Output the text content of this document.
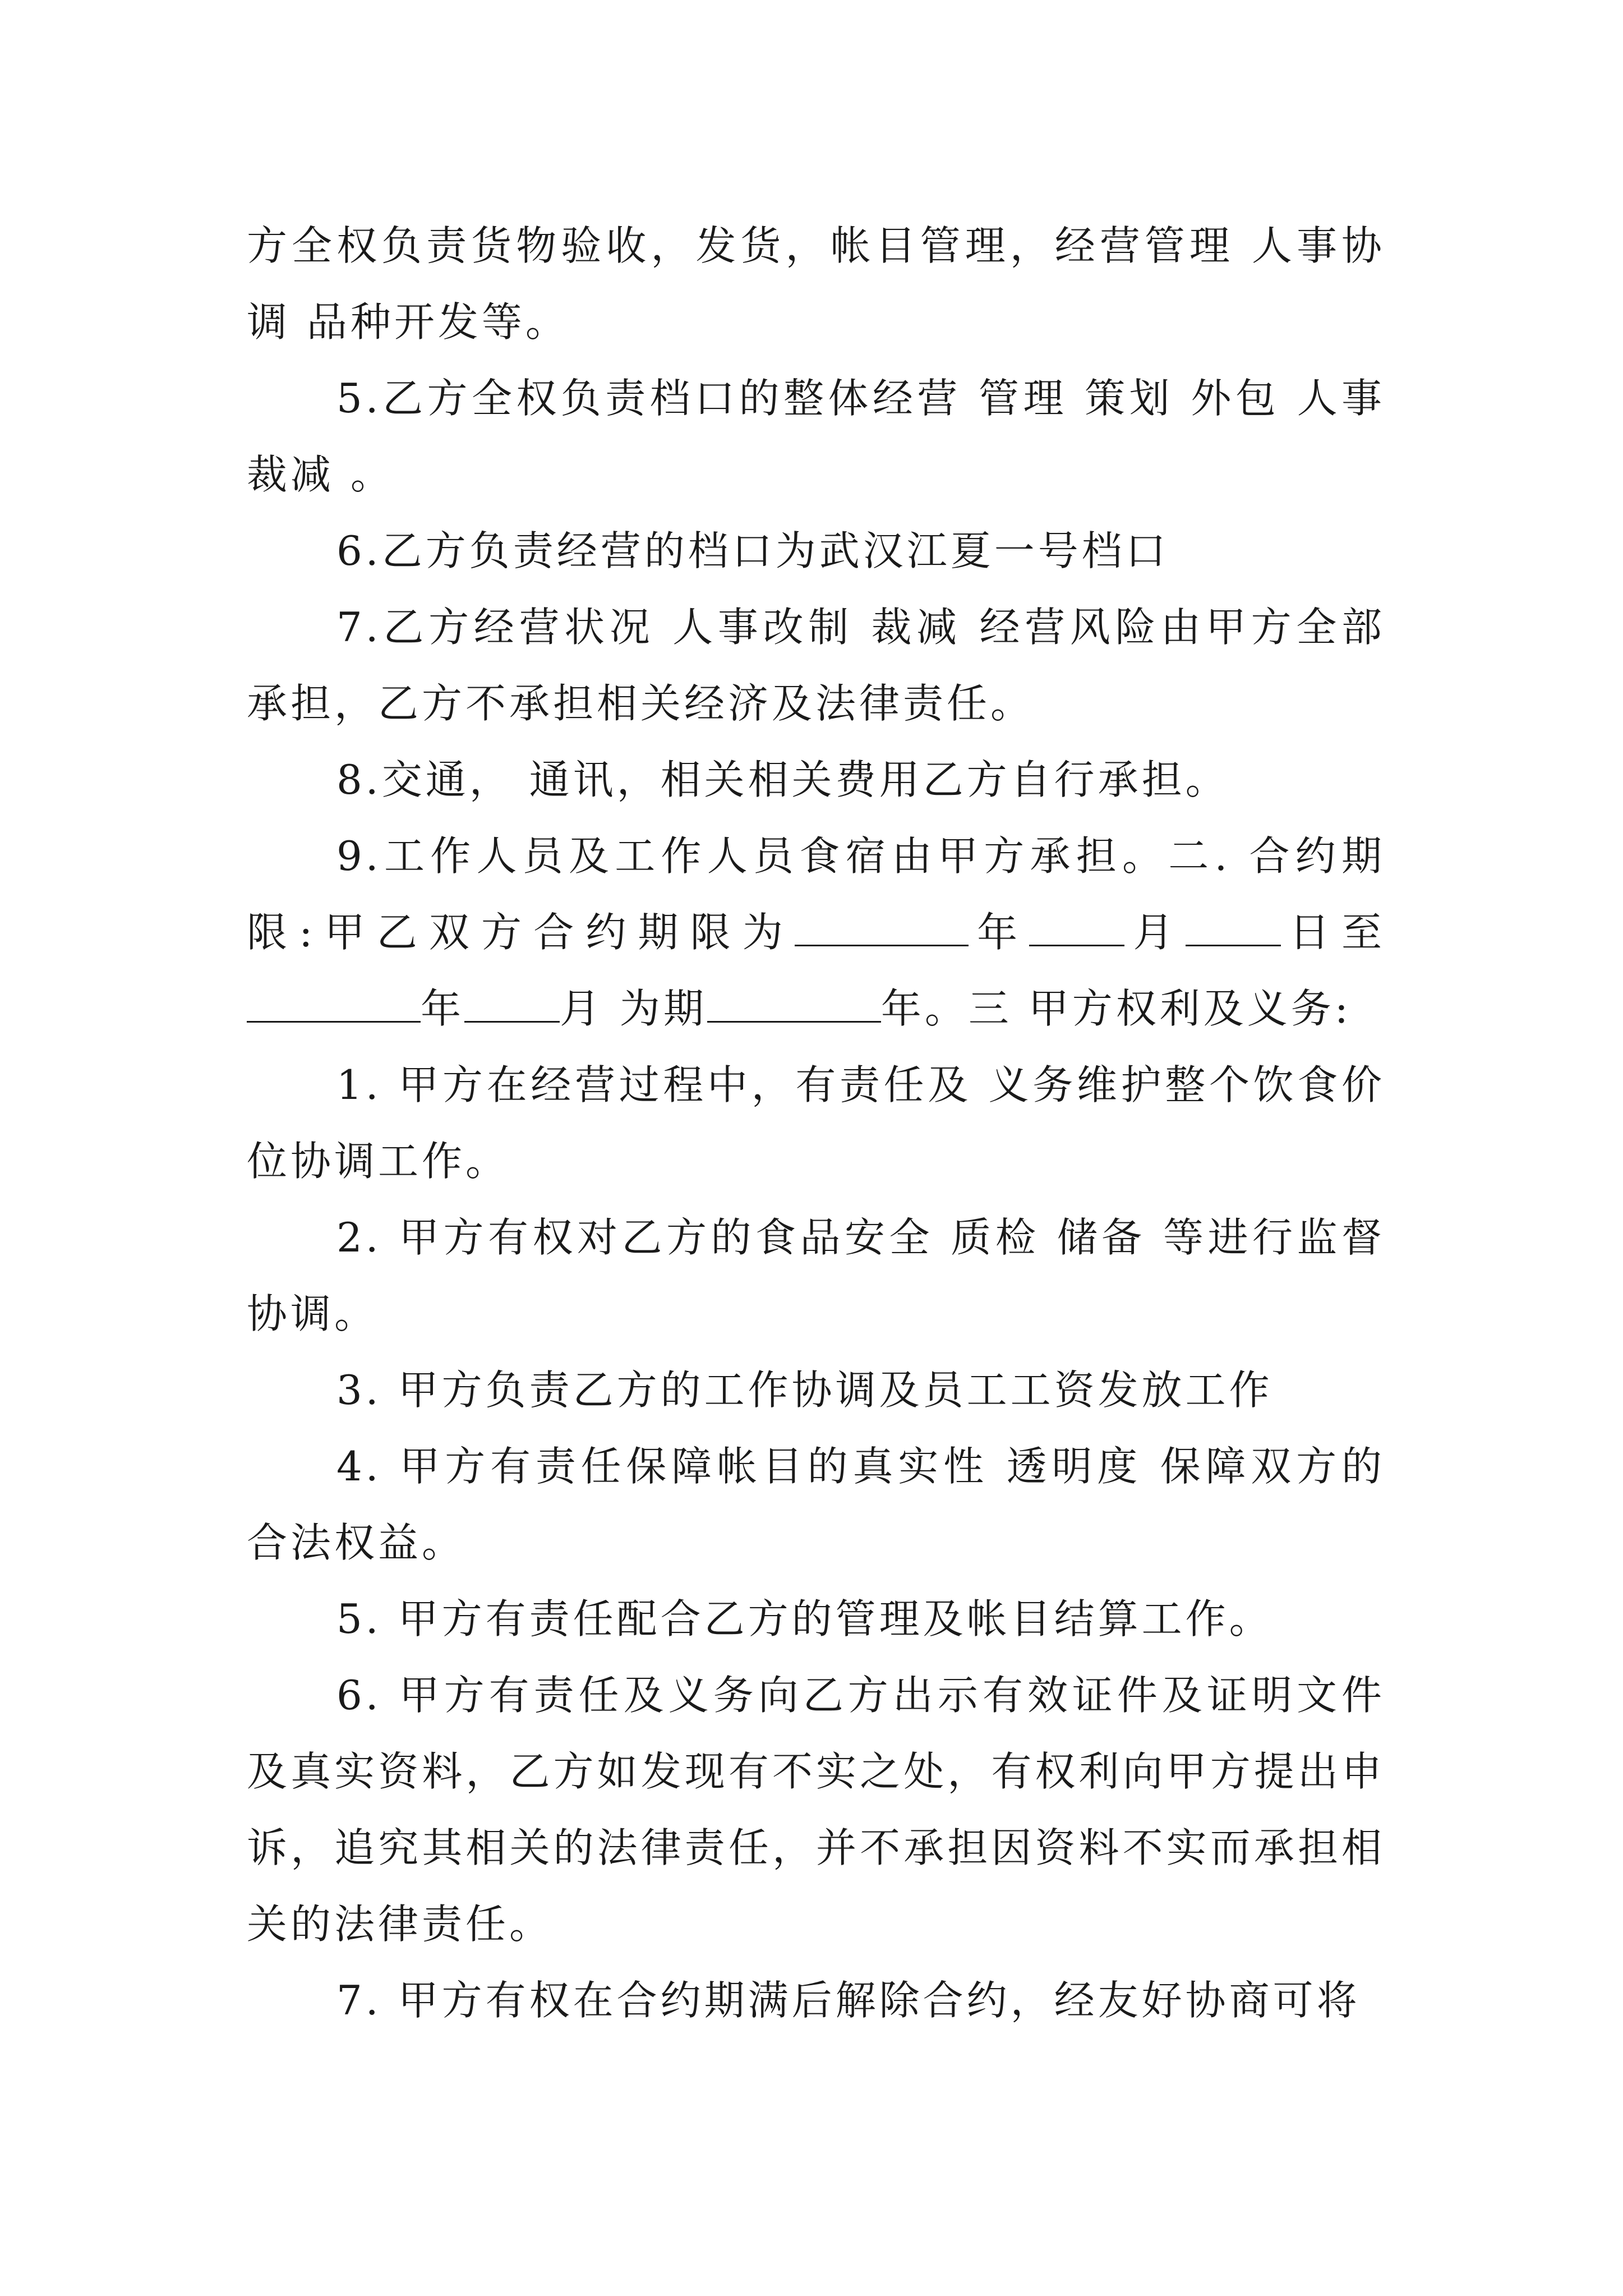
方全权负责货物验收，发货，帐目管理，经营管理 人事协调 品种开发等。

5.乙方全权负责档口的整体经营 管理 策划 外包 人事裁减 。

6.乙方负责经营的档口为武汉江夏一号档口

7.乙方经营状况 人事改制 裁减 经营风险由甲方全部承担，乙方不承担相关经济及法律责任。

8.交通， 通讯，相关相关费用乙方自行承担。

9.工作人员及工作人员食宿由甲方承担。二. 合约期限:甲乙双方合约期限为	年 月 日至年 月 为期	年。三 甲方权利及义务:

1. 甲方在经营过程中，有责任及 义务维护整个饮食价位协调工作。

2. 甲方有权对乙方的食品安全 质检 储备 等进行监督协调。

3. 甲方负责乙方的工作协调及员工工资发放工作

4. 甲方有责任保障帐目的真实性 透明度 保障双方的合法权益。

5. 甲方有责任配合乙方的管理及帐目结算工作。

6. 甲方有责任及义务向乙方出示有效证件及证明文件及真实资料，乙方如发现有不实之处，有权利向甲方提出申诉，追究其相关的法律责任，并不承担因资料不实而承担相关的法律责任。

7. 甲方有权在合约期满后解除合约，经友好协商可将
